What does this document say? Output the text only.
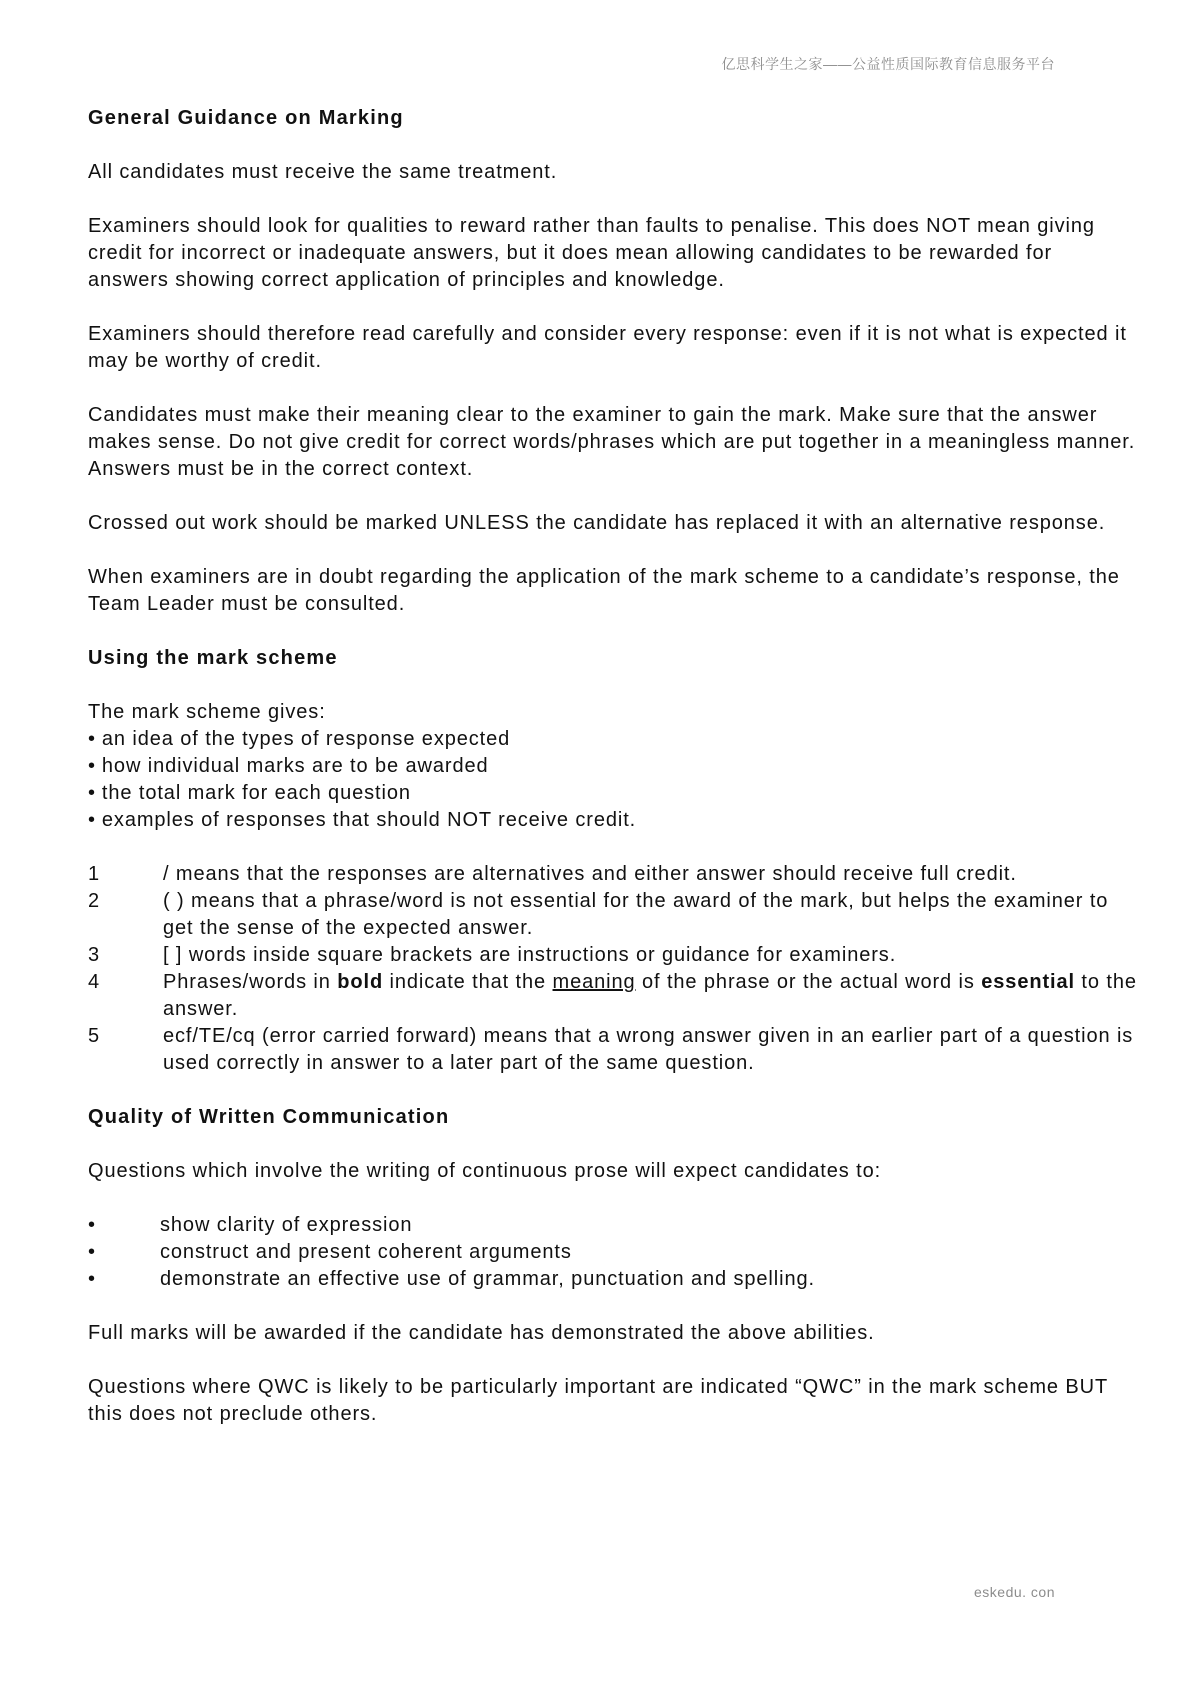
亿思科学生之家——公益性质国际教育信息服务平台
General Guidance on Marking

All candidates must receive the same treatment.

Examiners should look for qualities to reward rather than faults to penalise. This does NOT mean giving credit for incorrect or inadequate answers, but it does mean allowing candidates to be rewarded for answers showing correct application of principles and knowledge.

Examiners should therefore read carefully and consider every response: even if it is not what is expected it may be worthy of credit.

Candidates must make their meaning clear to the examiner to gain the mark. Make sure that the answer makes sense. Do not give credit for correct words/phrases which are put together in a meaningless manner. Answers must be in the correct context.

Crossed out work should be marked UNLESS the candidate has replaced it with an alternative response.

When examiners are in doubt regarding the application of the mark scheme to a candidate’s response, the Team Leader must be consulted.

Using the mark scheme
The mark scheme gives:
• an idea of the types of response expected
• how individual marks are to be awarded
• the total mark for each question
• examples of responses that should NOT receive credit.
1	/ means that the responses are alternatives and either answer should receive full credit.
2	( ) means that a phrase/word is not essential for the award of the mark, but helps the examiner to get the sense of the expected answer.
3	[ ] words inside square brackets are instructions or guidance for examiners.
4	Phrases/words in bold indicate that the meaning of the phrase or the actual word is essential to the answer.
5	ecf/TE/cq (error carried forward) means that a wrong answer given in an earlier part of a question is used correctly in answer to a later part of the same question.
Quality of Written Communication

Questions which involve the writing of continuous prose will expect candidates to:

•	show clarity of expression
•	construct and present coherent arguments
•	demonstrate an effective use of grammar, punctuation and spelling.

Full marks will be awarded if the candidate has demonstrated the above abilities.

Questions where QWC is likely to be particularly important are indicated “QWC” in the mark scheme BUT this does not preclude others.

eskedu. con
